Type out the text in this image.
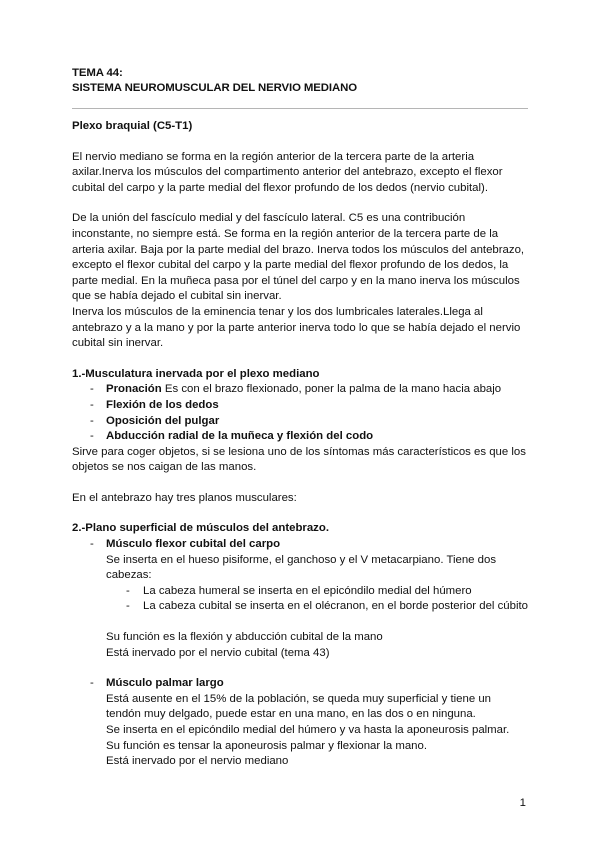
TEMA 44:
SISTEMA NEUROMUSCULAR DEL NERVIO MEDIANO

Plexo braquial (C5-T1)

El nervio mediano se forma en la región anterior de la tercera parte de la arteria axilar.Inerva los músculos del compartimento anterior del antebrazo, excepto el flexor cubital del carpo y la parte medial del flexor profundo de los dedos (nervio cubital).

De la unión del fascículo medial y del fascículo lateral. C5 es una contribución inconstante, no siempre está. Se forma en la región anterior de la tercera parte de la arteria axilar. Baja por la parte medial del brazo. Inerva todos los músculos del antebrazo, excepto el flexor cubital del carpo y la parte medial del flexor profundo de los dedos, la parte medial. En la muñeca pasa por el túnel del carpo y en la mano inerva los músculos que se había dejado el cubital sin inervar.

Inerva los músculos de la eminencia tenar y los dos lumbricales laterales.Llega al antebrazo y a la mano y por la parte anterior inerva todo lo que se había dejado el nervio cubital sin inervar.

1.-Musculatura inervada por el plexo mediano

- Pronación Es con el brazo flexionado, poner la palma de la mano hacia abajo
- Flexión de los dedos
- Oposición del pulgar
- Abducción radial de la muñeca y flexión del codo

Sirve para coger objetos, si se lesiona uno de los síntomas más característicos es que los objetos se nos caigan de las manos.

En el antebrazo hay tres planos musculares:

2.-Plano superficial de músculos del antebrazo.

- Músculo flexor cubital del carpo

Se inserta en el hueso pisiforme, el ganchoso y el V metacarpiano. Tiene dos cabezas:

- La cabeza humeral se inserta en el epicóndilo medial del húmero
- La cabeza cubital se inserta en el olécranon, en el borde posterior del cúbito

Su función es la flexión y abducción cubital de la mano

Está inervado por el nervio cubital (tema 43)

- Músculo palmar largo

Está ausente en el 15% de la población, se queda muy superficial y tiene un tendón muy delgado, puede estar en una mano, en las dos o en ninguna.

Se inserta en el epicóndilo medial del húmero y va hasta la aponeurosis palmar.

Su función es tensar la aponeurosis palmar y flexionar la mano.

Está inervado por el nervio mediano

1
